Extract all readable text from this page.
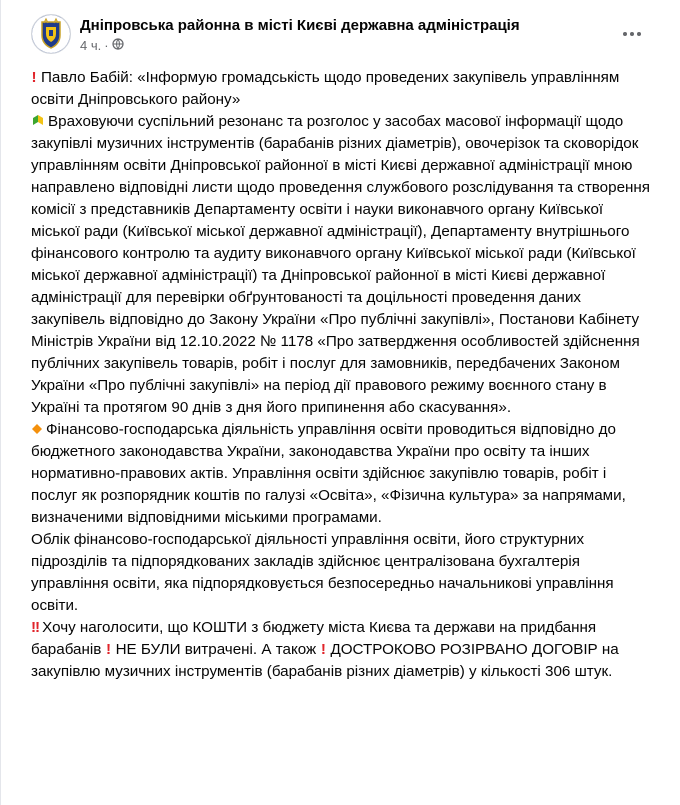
Дніпровська районна в місті Києві державна адміністрація
4 ч. ·

! Павло Бабій: «Інформую громадськість щодо проведених закупівель управлінням освіти Дніпровського району»

Враховуючи суспільний резонанс та розголос у засобах масової інформації щодо закупівлі музичних інструментів (барабанів різних діаметрів), овочерізок та сковорідок управлінням освіти Дніпровської районної в місті Києві державної адміністрації мною направлено відповідні листи щодо проведення службового розслідування та створення комісії з представників Департаменту освіти і науки виконавчого органу Київської міської ради (Київської міської державної адміністрації), Департаменту внутрішнього фінансового контролю та аудиту виконавчого органу Київської міської ради (Київської міської державної адміністрації) та Дніпровської районної в місті Києві державної адміністрації для перевірки обґрунтованості та доцільності проведення даних закупівель відповідно до Закону України «Про публічні закупівлі», Постанови Кабінету Міністрів України від 12.10.2022 № 1178 «Про затвердження особливостей здійснення публічних закупівель товарів, робіт і послуг для замовників, передбачених Законом України «Про публічні закупівлі» на період дії правового режиму воєнного стану в Україні та протягом 90 днів з дня його припинення або скасування».

Фінансово-господарська діяльність управління освіти проводиться відповідно до бюджетного законодавства України, законодавства України про освіту та інших нормативно-правових актів. Управління освіти здійснює закупівлю товарів, робіт і послуг як розпорядник коштів по галузі «Освіта», «Фізична культура» за напрямами, визначеними відповідними міськими програмами.

Облік фінансово-господарської діяльності управління освіти, його структурних підрозділів та підпорядкованих закладів здійснює централізована бухгалтерія управління освіти, яка підпорядковується безпосередньо начальникові управління освіти.

!! Хочу наголосити, що КОШТИ з бюджету міста Києва та держави на придбання барабанів ! НЕ БУЛИ витрачені. А також ! ДОСТРОКОВО РОЗІРВАНО ДОГОВІР на закупівлю музичних інструментів (барабанів різних діаметрів) у кількості 306 штук.
